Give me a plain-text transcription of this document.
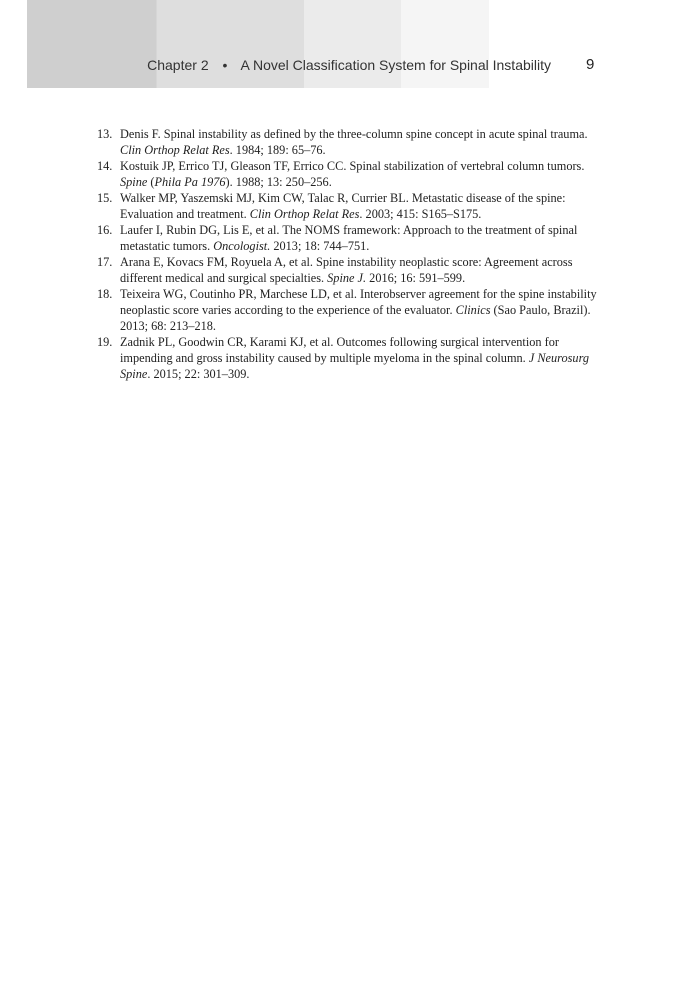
Chapter 2 • A Novel Classification System for Spinal Instability 9
13. Denis F. Spinal instability as defined by the three-column spine concept in acute spinal trauma. Clin Orthop Relat Res. 1984; 189: 65–76.
14. Kostuik JP, Errico TJ, Gleason TF, Errico CC. Spinal stabilization of vertebral column tumors. Spine (Phila Pa 1976). 1988; 13: 250–256.
15. Walker MP, Yaszemski MJ, Kim CW, Talac R, Currier BL. Metastatic disease of the spine: Evaluation and treatment. Clin Orthop Relat Res. 2003; 415: S165–S175.
16. Laufer I, Rubin DG, Lis E, et al. The NOMS framework: Approach to the treatment of spinal metastatic tumors. Oncologist. 2013; 18: 744–751.
17. Arana E, Kovacs FM, Royuela A, et al. Spine instability neoplastic score: Agreement across different medical and surgical specialties. Spine J. 2016; 16: 591–599.
18. Teixeira WG, Coutinho PR, Marchese LD, et al. Interobserver agreement for the spine instability neoplastic score varies according to the experience of the evaluator. Clinics (Sao Paulo, Brazil). 2013; 68: 213–218.
19. Zadnik PL, Goodwin CR, Karami KJ, et al. Outcomes following surgical intervention for impending and gross instability caused by multiple myeloma in the spinal column. J Neurosurg Spine. 2015; 22: 301–309.
